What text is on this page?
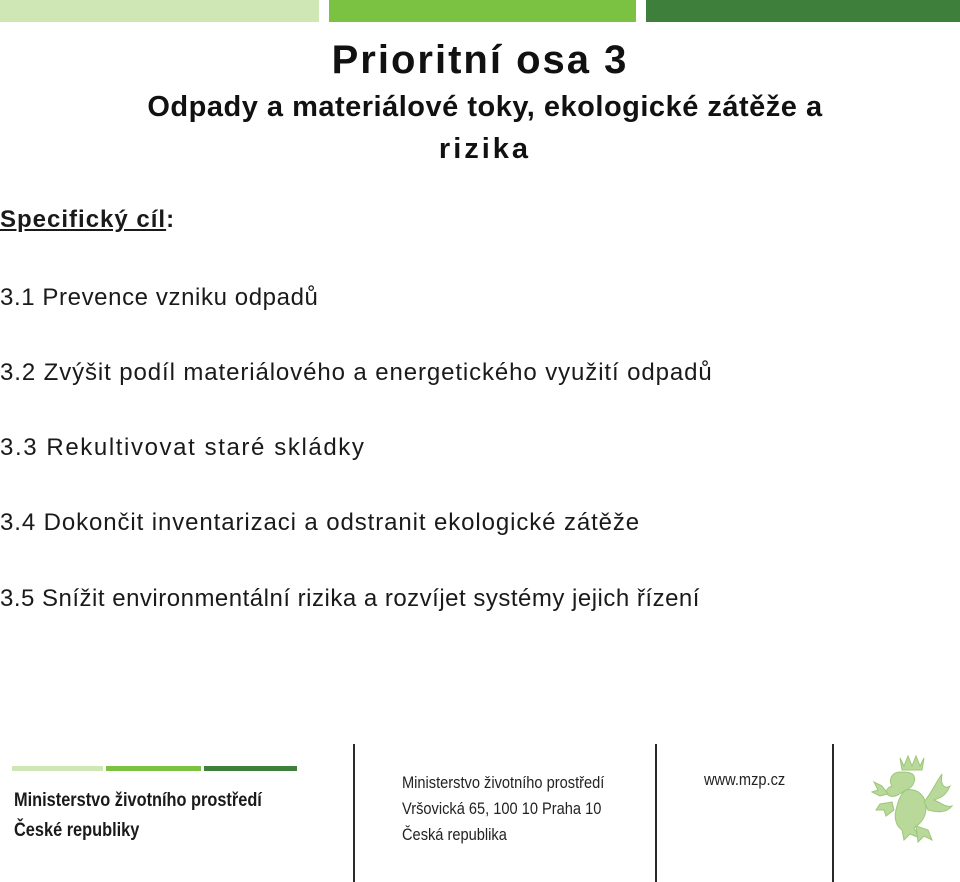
Prioritní osa 3
Odpady a materiálové toky, ekologické zátěže a
rizika
Specifický cíl:
3.1 Prevence vzniku odpadů
3.2 Zvýšit podíl materiálového a energetického využití odpadů
3.3 Rekultivovat staré skládky
3.4 Dokončit inventarizaci a odstranit ekologické zátěže
3.5 Snížit environmentální rizika a rozvíjet systémy jejich řízení
Ministerstvo životního prostředí
České republiky
Ministerstvo životního prostředí
Vršovická 65, 100 10 Praha 10
Česká republika
www.mzp.cz
